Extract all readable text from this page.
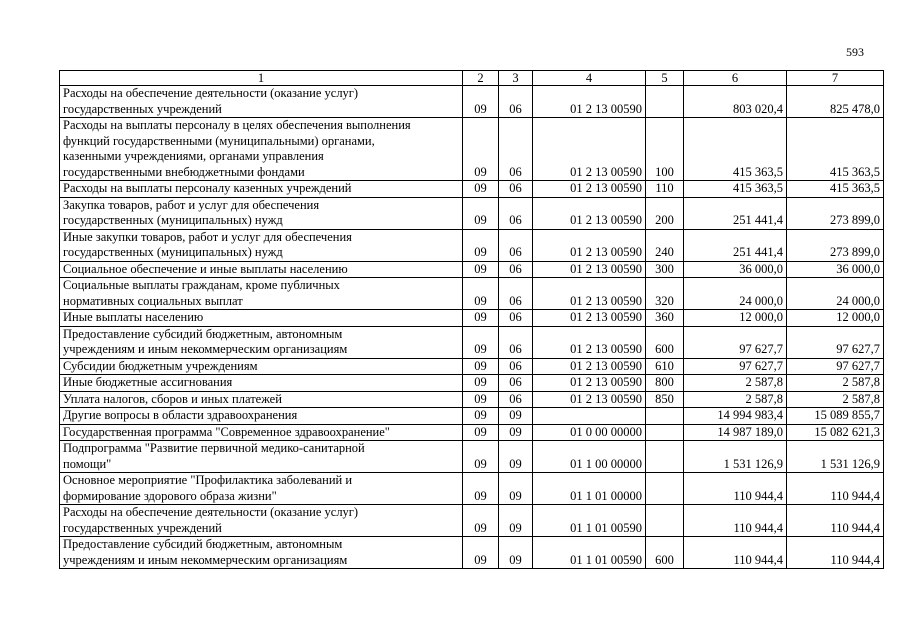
593
1	2	3	4	5	6	7
Расходы на обеспечение деятельности (оказание услуг)
государственных учреждений	09	06	01 2 13 00590		803 020,4	825 478,0
Расходы на выплаты персоналу в целях обеспечения выполнения
функций государственными (муниципальными) органами,
казенными учреждениями, органами управления
государственными внебюджетными фондами	09	06	01 2 13 00590	100	415 363,5	415 363,5
Расходы на выплаты персоналу казенных учреждений	09	06	01 2 13 00590	110	415 363,5	415 363,5
Закупка товаров, работ и услуг для обеспечения
государственных (муниципальных) нужд	09	06	01 2 13 00590	200	251 441,4	273 899,0
Иные закупки товаров, работ и услуг для обеспечения
государственных (муниципальных) нужд	09	06	01 2 13 00590	240	251 441,4	273 899,0
Социальное обеспечение и иные выплаты населению	09	06	01 2 13 00590	300	36 000,0	36 000,0
Социальные выплаты гражданам, кроме публичных
нормативных социальных выплат	09	06	01 2 13 00590	320	24 000,0	24 000,0
Иные выплаты населению	09	06	01 2 13 00590	360	12 000,0	12 000,0
Предоставление субсидий бюджетным, автономным
учреждениям и иным некоммерческим организациям	09	06	01 2 13 00590	600	97 627,7	97 627,7
Субсидии бюджетным учреждениям	09	06	01 2 13 00590	610	97 627,7	97 627,7
Иные бюджетные ассигнования	09	06	01 2 13 00590	800	2 587,8	2 587,8
Уплата налогов, сборов и иных платежей	09	06	01 2 13 00590	850	2 587,8	2 587,8
Другие вопросы в области здравоохранения	09	09			14 994 983,4	15 089 855,7
Государственная программа "Современное здравоохранение"	09	09	01 0 00 00000		14 987 189,0	15 082 621,3
Подпрограмма "Развитие первичной медико-санитарной
помощи"	09	09	01 1 00 00000		1 531 126,9	1 531 126,9
Основное мероприятие "Профилактика заболеваний и
формирование здорового образа жизни"	09	09	01 1 01 00000		110 944,4	110 944,4
Расходы на обеспечение деятельности (оказание услуг)
государственных учреждений	09	09	01 1 01 00590		110 944,4	110 944,4
Предоставление субсидий бюджетным, автономным
учреждениям и иным некоммерческим организациям	09	09	01 1 01 00590	600	110 944,4	110 944,4
